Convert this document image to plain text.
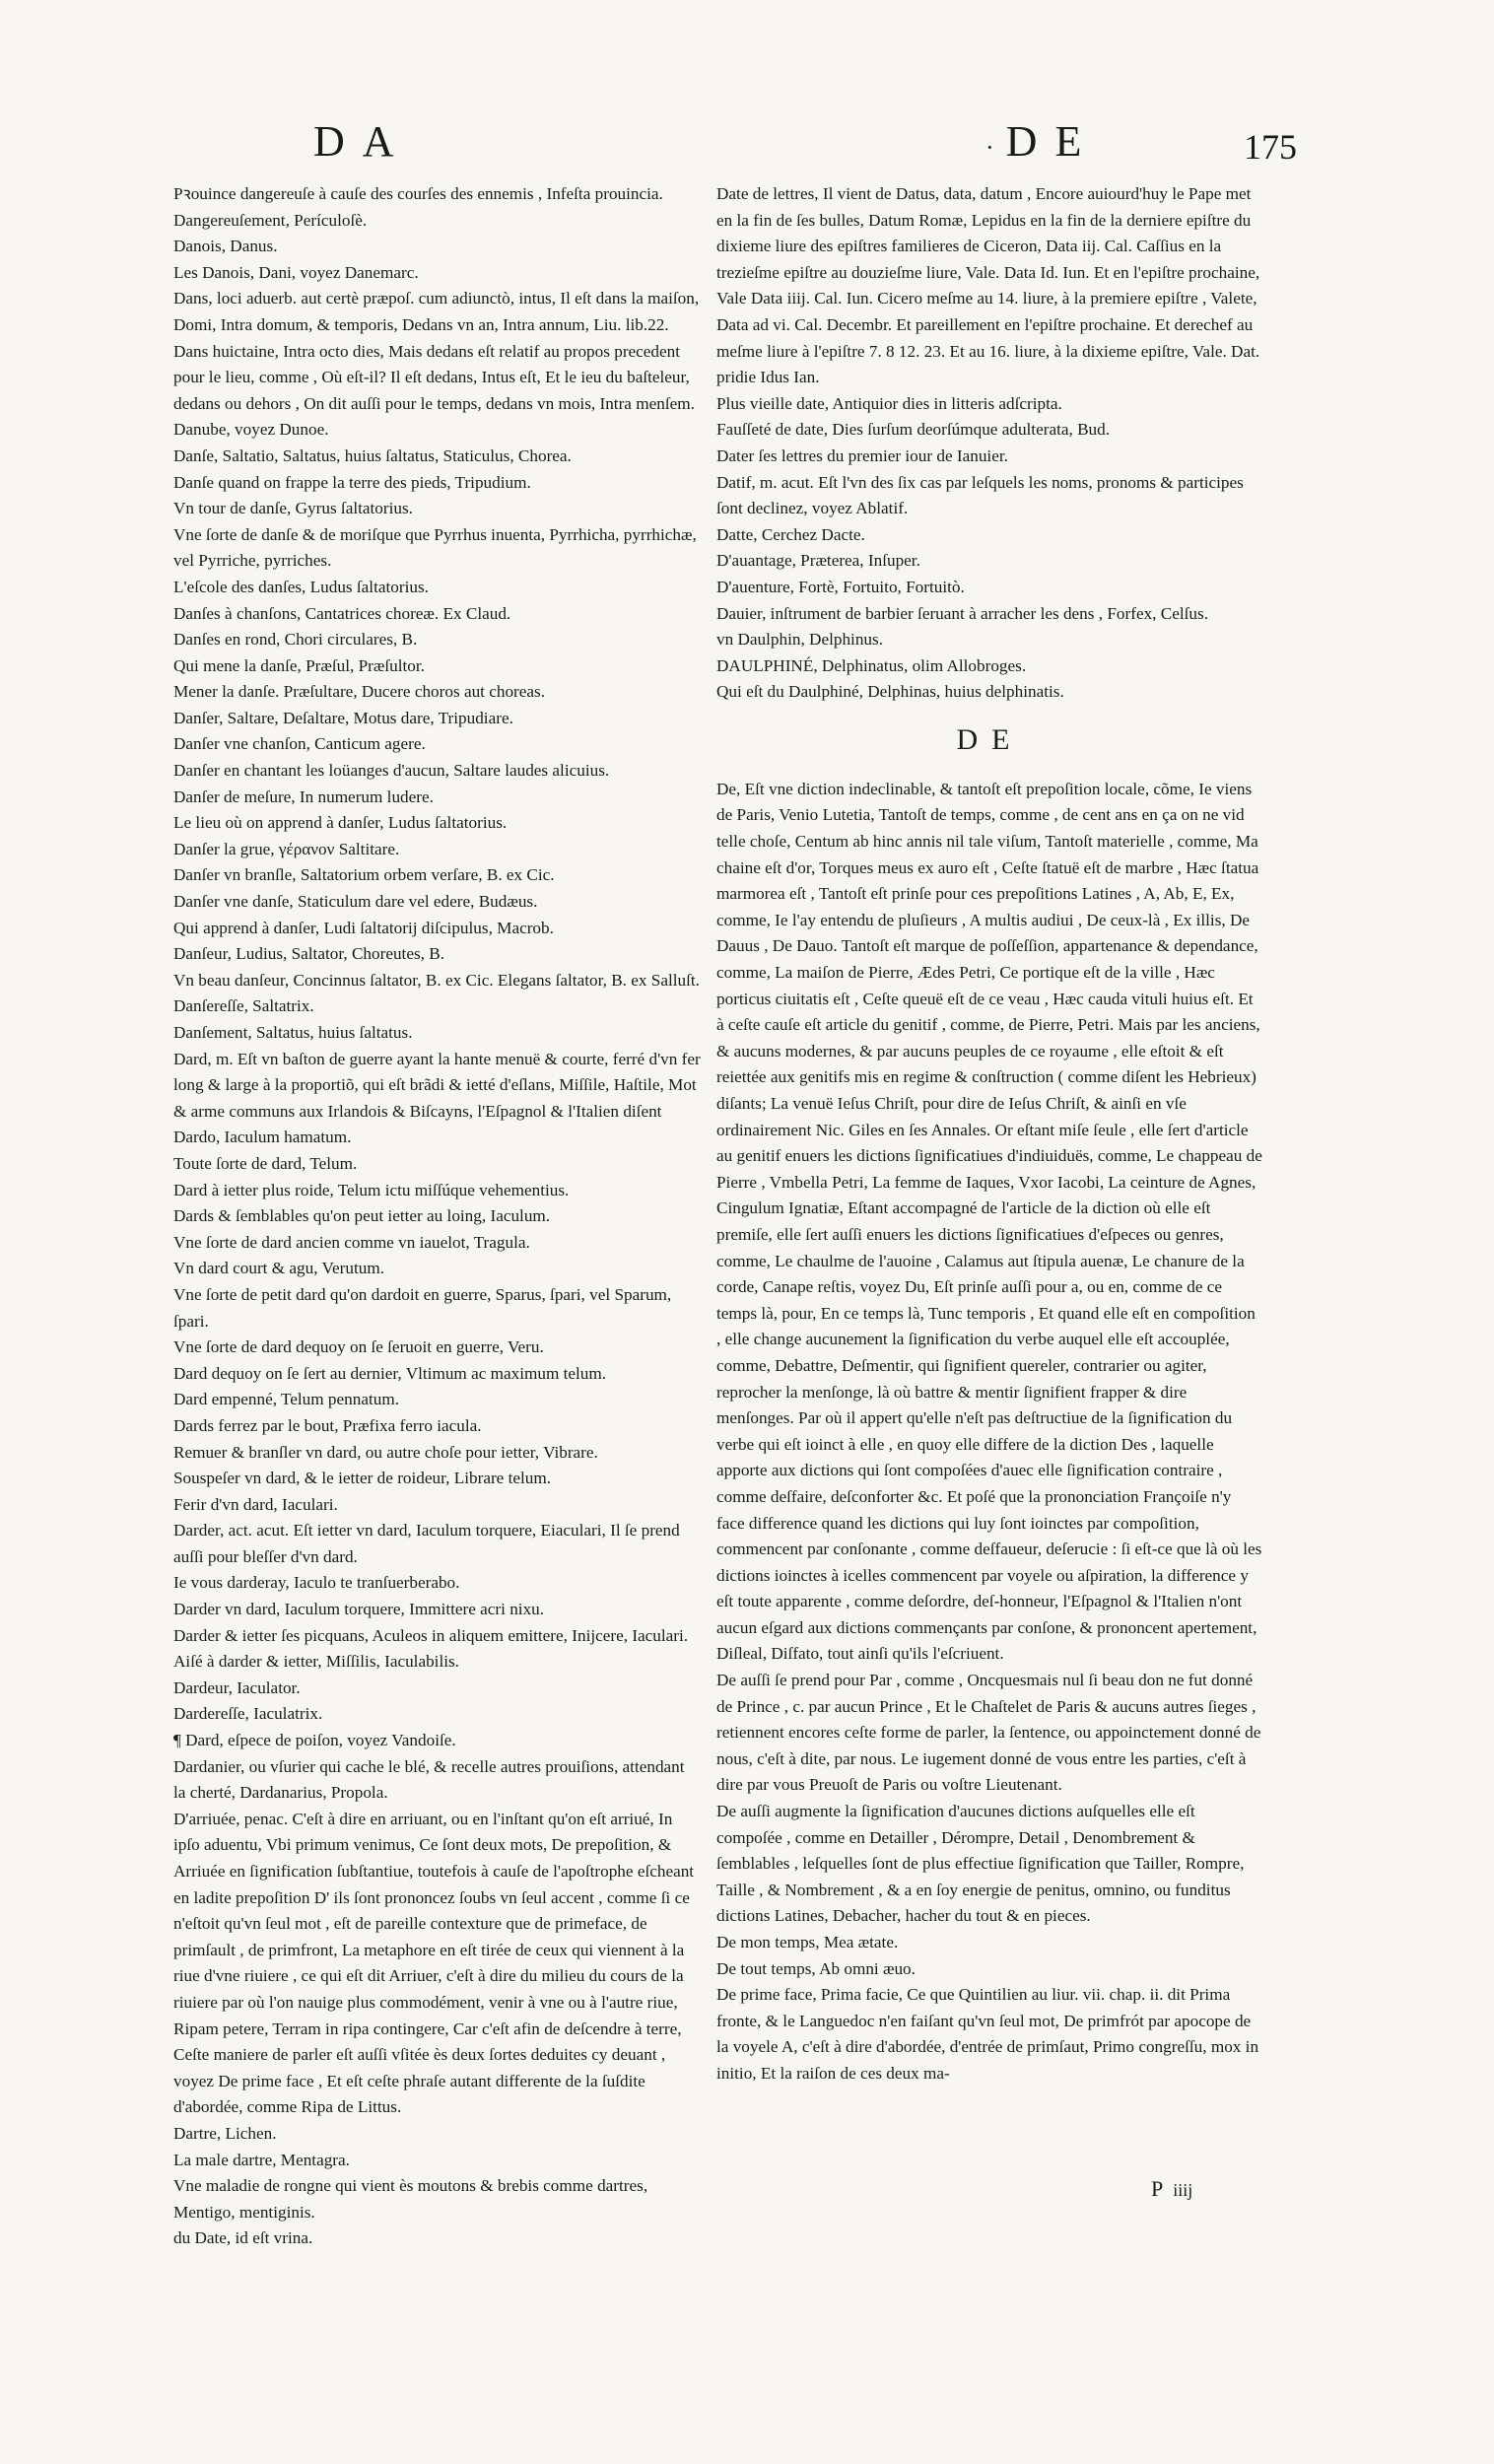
DA	· DE	175

Pꝛouince dangereuſe à cauſe des courſes des ennemis , Infeſta prouincia.

Dangereuſement, Perículoſè.

Danois, Danus.

Les Danois, Dani, voyez Danemarc.

Dans, loci aduerb. aut certè præpoſ. cum adiunctò, intus, Il eſt dans la maiſon, Domi, Intra domum, & temporis, Dedans vn an, Intra annum, Liu. lib.22. Dans huictaine, Intra octo dies, Mais dedans eſt relatif au propos precedent pour le lieu, comme , Où eſt-il? Il eſt dedans, Intus eſt, Et le ieu du baſteleur, dedans ou dehors , On dit auſſi pour le temps, dedans vn mois, Intra menſem.

Danube, voyez Dunoe.

Danſe, Saltatio, Saltatus, huius ſaltatus, Staticulus, Chorea.

Danſe quand on frappe la terre des pieds, Tripudium.

Vn tour de danſe, Gyrus ſaltatorius.

Vne ſorte de danſe & de moriſque que Pyrrhus inuenta, Pyrrhicha, pyrrhichæ, vel Pyrriche, pyrriches.

L'eſcole des danſes, Ludus ſaltatorius.

Danſes à chanſons, Cantatrices choreæ. Ex Claud.

Danſes en rond, Chori circulares, B.

Qui mene la danſe, Præſul, Præſultor.

Mener la danſe. Præſultare, Ducere choros aut choreas.

Danſer, Saltare, Deſaltare, Motus dare, Tripudiare.

Danſer vne chanſon, Canticum agere.

Danſer en chantant les loüanges d'aucun, Saltare laudes alicuius.

Danſer de meſure, In numerum ludere.

Le lieu où on apprend à danſer, Ludus ſaltatorius.

Danſer la grue, γέρανον Saltitare.

Danſer vn branſle, Saltatorium orbem verſare, B. ex Cic.

Danſer vne danſe, Staticulum dare vel edere, Budæus.

Qui apprend à danſer, Ludi ſaltatorij diſcipulus, Macrob.

Danſeur, Ludius, Saltator, Choreutes, B.

Vn beau danſeur, Concinnus ſaltator, B. ex Cic. Elegans ſaltator, B. ex Salluſt.

Danſereſſe, Saltatrix.

Danſement, Saltatus, huius ſaltatus.

Dard, m. Eſt vn baſton de guerre ayant la hante menuë & courte, ferré d'vn fer long & large à la proportiõ, qui eſt brãdi & ietté d'eſlans, Miſſile, Haſtile, Mot & arme communs aux Irlandois & Biſcayns, l'Eſpagnol & l'Italien diſent Dardo, Iaculum hamatum.

Toute ſorte de dard, Telum.

Dard à ietter plus roide, Telum ictu miſſúque vehementius.

Dards & ſemblables qu'on peut ietter au loing, Iaculum.

Vne ſorte de dard ancien comme vn iauelot, Tragula.

Vn dard court & agu, Verutum.

Vne ſorte de petit dard qu'on dardoit en guerre, Sparus, ſpari, vel Sparum, ſpari.

Vne ſorte de dard dequoy on ſe ſeruoit en guerre, Veru.

Dard dequoy on ſe ſert au dernier, Vltimum ac maximum telum.

Dard empenné, Telum pennatum.

Dards ferrez par le bout, Præfixa ferro iacula.

Remuer & branſler vn dard, ou autre choſe pour ietter, Vibrare.

Souspeſer vn dard, & le ietter de roideur, Librare telum.

Ferir d'vn dard, Iaculari.

Darder, act. acut. Eſt ietter vn dard, Iaculum torquere, Eiaculari, Il ſe prend auſſi pour bleſſer d'vn dard.

Ie vous darderay, Iaculo te tranſuerberabo.

Darder vn dard, Iaculum torquere, Immittere acri nixu.

Darder & ietter ſes picquans, Aculeos in aliquem emittere, Inijcere, Iaculari.

Aiſé à darder & ietter, Miſſilis, Iaculabilis.

Dardeur, Iaculator.

Dardereſſe, Iaculatrix.

¶ Dard, eſpece de poiſon, voyez Vandoiſe.

Dardanier, ou vſurier qui cache le blé, & recelle autres prouiſions, attendant la cherté, Dardanarius, Propola.

D'arriuée, penac. C'eſt à dire en arriuant, ou en l'inſtant qu'on eſt arriué, In ipſo aduentu, Vbi primum venimus, Ce ſont deux mots, De prepoſition, & Arriuée en ſignification ſubſtantiue, toutefois à cauſe de l'apoſtrophe eſcheant en ladite prepoſition D' ils ſont prononcez ſoubs vn ſeul accent , comme ſi ce n'eſtoit qu'vn ſeul mot , eſt de pareille contexture que de primeface, de primſault , de primfront, La metaphore en eſt tirée de ceux qui viennent à la riue d'vne riuiere , ce qui eſt dit Arriuer, c'eſt à dire du milieu du cours de la riuiere par où l'on nauige plus commodément, venir à vne ou à l'autre riue, Ripam petere, Terram in ripa contingere, Car c'eſt afin de deſcendre à terre, Ceſte maniere de parler eſt auſſi vſitée ès deux ſortes deduites cy deuant , voyez De prime face , Et eſt ceſte phraſe autant differente de la ſuſdite d'abordée, comme Ripa de Littus.

Dartre, Lichen.

La male dartre, Mentagra.

Vne maladie de rongne qui vient ès moutons & brebis comme dartres, Mentigo, mentiginis.

du Date, id eſt vrina.

Date de lettres, Il vient de Datus, data, datum , Encore auiourd'huy le Pape met en la fin de ſes bulles, Datum Romæ, Lepidus en la fin de la derniere epiſtre du dixieme liure des epiſtres familieres de Ciceron, Data iij. Cal. Caſſius en la trezieſme epiſtre au douzieſme liure, Vale. Data Id. Iun. Et en l'epiſtre prochaine, Vale Data iiij. Cal. Iun. Cicero meſme au 14. liure, à la premiere epiſtre , Valete, Data ad vi. Cal. Decembr. Et pareillement en l'epiſtre prochaine. Et derechef au meſme liure à l'epiſtre 7. 8 12. 23. Et au 16. liure, à la dixieme epiſtre, Vale. Dat. pridie Idus Ian.

Plus vieille date, Antiquior dies in litteris adſcripta.

Fauſſeté de date, Dies ſurſum deorſúmque adulterata, Bud.

Dater ſes lettres du premier iour de Ianuier.

Datif, m. acut. Eſt l'vn des ſix cas par leſquels les noms, pronoms & participes ſont declinez, voyez Ablatif.

Datte, Cerchez Dacte.

D'auantage, Præterea, Inſuper.

D'auenture, Fortè, Fortuito, Fortuitò.

Dauier, inſtrument de barbier ſeruant à arracher les dens , Forfex, Celſus.

vn Daulphin, Delphinus.

DAULPHINÉ, Delphinatus, olim Allobroges.

Qui eſt du Daulphiné, Delphinas, huius delphinatis.

DE

De, Eſt vne diction indeclinable, & tantoſt eſt prepoſition locale, cõme, Ie viens de Paris, Venio Lutetia, Tantoſt de temps, comme , de cent ans en ça on ne vid telle choſe, Centum ab hinc annis nil tale viſum, Tantoſt materielle , comme, Ma chaine eſt d'or, Torques meus ex auro eſt , Ceſte ſtatuë eſt de marbre , Hæc ſtatua marmorea eſt , Tantoſt eſt prinſe pour ces prepoſitions Latines , A, Ab, E, Ex, comme, Ie l'ay entendu de pluſieurs , A multis audiui , De ceux-là , Ex illis, De Dauus , De Dauo. Tantoſt eſt marque de poſſeſſion, appartenance & dependance, comme, La maiſon de Pierre, Ædes Petri, Ce portique eſt de la ville , Hæc porticus ciuitatis eſt , Ceſte queuë eſt de ce veau , Hæc cauda vituli huius eſt. Et à ceſte cauſe eſt article du genitif , comme, de Pierre, Petri. Mais par les anciens, & aucuns modernes, & par aucuns peuples de ce royaume , elle eſtoit & eſt reiettée aux genitifs mis en regime & conſtruction ( comme diſent les Hebrieux) diſants; La venuë Ieſus Chriſt, pour dire de Ieſus Chriſt, & ainſi en vſe ordinairement Nic. Giles en ſes Annales. Or eſtant miſe ſeule , elle ſert d'article au genitif enuers les dictions ſignificatiues d'indiuiduës, comme, Le chappeau de Pierre , Vmbella Petri, La femme de Iaques, Vxor Iacobi, La ceinture de Agnes, Cingulum Ignatiæ, Eſtant accompagné de l'article de la diction où elle eſt premiſe, elle ſert auſſi enuers les dictions ſignificatiues d'eſpeces ou genres, comme, Le chaulme de l'auoine , Calamus aut ſtipula auenæ, Le chanure de la corde, Canape reſtis, voyez Du, Eſt prinſe auſſi pour a, ou en, comme de ce temps là, pour, En ce temps là, Tunc temporis , Et quand elle eſt en compoſition , elle change aucunement la ſignification du verbe auquel elle eſt accouplée, comme, Debattre, Deſmentir, qui ſignifient quereler, contrarier ou agiter, reprocher la menſonge, là où battre & mentir ſignifient frapper & dire menſonges. Par où il appert qu'elle n'eſt pas deſtructiue de la ſignification du verbe qui eſt ioinct à elle , en quoy elle differe de la diction Des , laquelle apporte aux dictions qui ſont compoſées d'auec elle ſignification contraire , comme deſfaire, deſconforter &c. Et poſé que la prononciation Françoiſe n'y face difference quand les dictions qui luy ſont ioinctes par compoſition, commencent par conſonante , comme deſfaueur, deſerucie : ſi eſt-ce que là où les dictions ioinctes à icelles commencent par voyele ou aſpiration, la difference y eſt toute apparente , comme deſordre, deſ-honneur, l'Eſpagnol & l'Italien n'ont aucun eſgard aux dictions commençants par conſone, & prononcent apertement, Diſleal, Diſfato, tout ainſi qu'ils l'eſcriuent.

De auſſi ſe prend pour Par , comme , Oncquesmais nul ſi beau don ne fut donné de Prince , c. par aucun Prince , Et le Chaſtelet de Paris & aucuns autres ſieges , retiennent encores ceſte forme de parler, la ſentence, ou appoinctement donné de nous, c'eſt à dite, par nous. Le iugement donné de vous entre les parties, c'eſt à dire par vous Preuoſt de Paris ou voſtre Lieutenant.

De auſſi augmente la ſignification d'aucunes dictions auſquelles elle eſt compoſée , comme en Detailler , Dérompre, Detail , Denombrement & ſemblables , leſquelles ſont de plus effectiue ſignification que Tailler, Rompre, Taille , & Nombrement , & a en ſoy energie de penitus, omnino, ou funditus dictions Latines, Debacher, hacher du tout & en pieces.

De mon temps, Mea ætate.

De tout temps, Ab omni æuo.

De prime face, Prima facie, Ce que Quintilien au liur. vii. chap. ii. dit Prima fronte, & le Languedoc n'en faiſant qu'vn ſeul mot, De primfrót par apocope de la voyele A, c'eſt à dire d'abordée, d'entrée de primſaut, Primo congreſſu, mox in initio, Et la raiſon de ces deux ma-

P iiij
